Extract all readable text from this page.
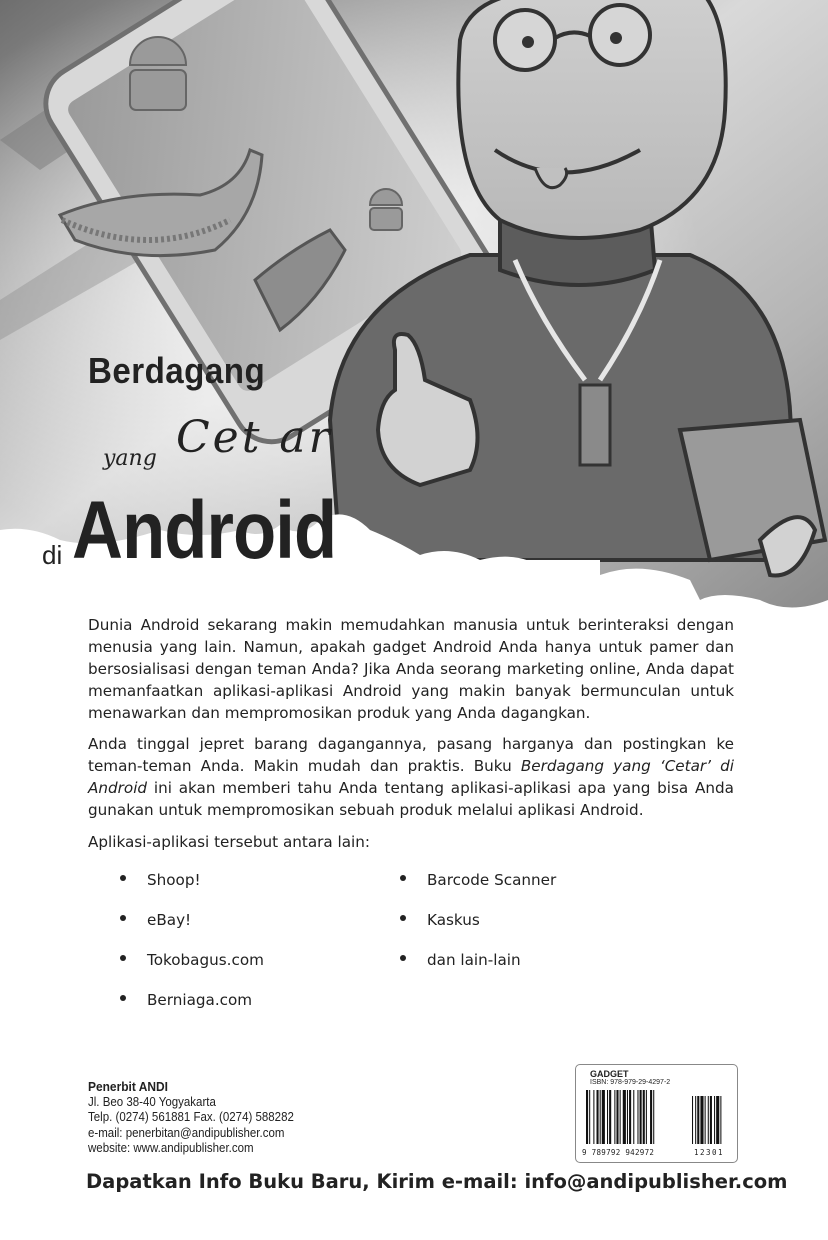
Berdagang
Cet ar
yang
di Android

Dunia Android sekarang makin memudahkan manusia untuk berinteraksi dengan menusia yang lain. Namun, apakah gadget Android Anda hanya untuk pamer dan bersosialisasi dengan teman Anda? Jika Anda seorang marketing online, Anda dapat memanfaatkan aplikasi-aplikasi Android yang makin banyak bermunculan untuk menawarkan dan mempromosikan produk yang Anda dagangkan.

Anda tinggal jepret barang dagangannya, pasang harganya dan postingkan ke teman-teman Anda. Makin mudah dan praktis. Buku Berdagang yang ‘Cetar’ di Android ini akan memberi tahu Anda tentang aplikasi-aplikasi apa yang bisa Anda gunakan untuk mempromosikan sebuah produk melalui aplikasi Android.

Aplikasi-aplikasi tersebut antara lain:

Shoop!
eBay!
Tokobagus.com
Berniaga.com
Barcode Scanner
Kaskus
dan lain-lain
Penerbit ANDI
Jl. Beo 38-40 Yogyakarta
Telp. (0274) 561881 Fax. (0274) 588282
e-mail: penerbitan@andipublisher.com
website: www.andipublisher.com
GADGET
ISBN: 978-979-29-4297-2
9 789792 942972	12301
Dapatkan Info Buku Baru, Kirim e-mail: info@andipublisher.com
